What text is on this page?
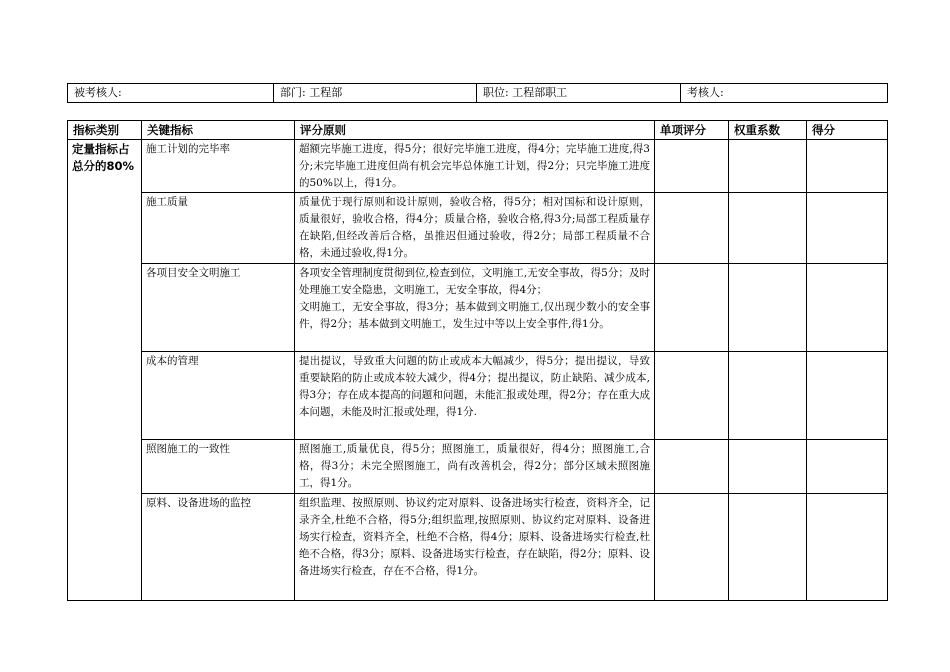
被考核人:	部门: 工程部	职位: 工程部职工	考核人:
指标类别	关键指标	评分原则	单项评分	权重系数	得分
定量指标占总分的80%	施工计划的完毕率	超额完毕施工进度，得5分；很好完毕施工进度，得4分；完毕施工进度,得3分;未完毕施工进度但尚有机会完毕总体施工计划，得2分；只完毕施工进度的50%以上，得1分。			
	施工质量	质量优于现行原则和设计原则，验收合格，得5分；相对国标和设计原则，质量很好，验收合格，得4分；质量合格，验收合格,得3分;局部工程质量存在缺陷,但经改善后合格，虽推迟但通过验收，得2分；局部工程质量不合格，未通过验收,得1分。			
	各项目安全文明施工	各项安全管理制度贯彻到位,检查到位，文明施工,无安全事故，得5分；及时处理施工安全隐患，文明施工，无安全事故，得4分；
文明施工，无安全事故，得3分；基本做到文明施工,仅出现少数小的安全事件，得2分；基本做到文明施工，发生过中等以上安全事件,得1分。			
	成本的管理	提出提议，导致重大问题的防止或成本大幅减少，得5分；提出提议，导致重要缺陷的防止或成本较大减少，得4分；提出提议，防止缺陷、减少成本,得3分；存在成本提高的问题和问题，未能汇报或处理，得2分；存在重大成本问题，未能及时汇报或处理，得1分.			
	照图施工的一致性	照图施工,质量优良，得5分；照图施工，质量很好，得4分；照图施工,合格，得3分；未完全照图施工，尚有改善机会，得2分；部分区域未照图施工，得1分。			
	原料、设备进场的监控	组织监理、按照原则、协议约定对原料、设备进场实行检查，资料齐全，记录齐全,杜绝不合格，得5分;组织监理,按照原则、协议约定对原料、设备进场实行检查，资料齐全，杜绝不合格，得4分；原料、设备进场实行检查,杜绝不合格，得3分；原料、设备进场实行检查，存在缺陷，得2分；原料、设备进场实行检查，存在不合格，得1分。			
